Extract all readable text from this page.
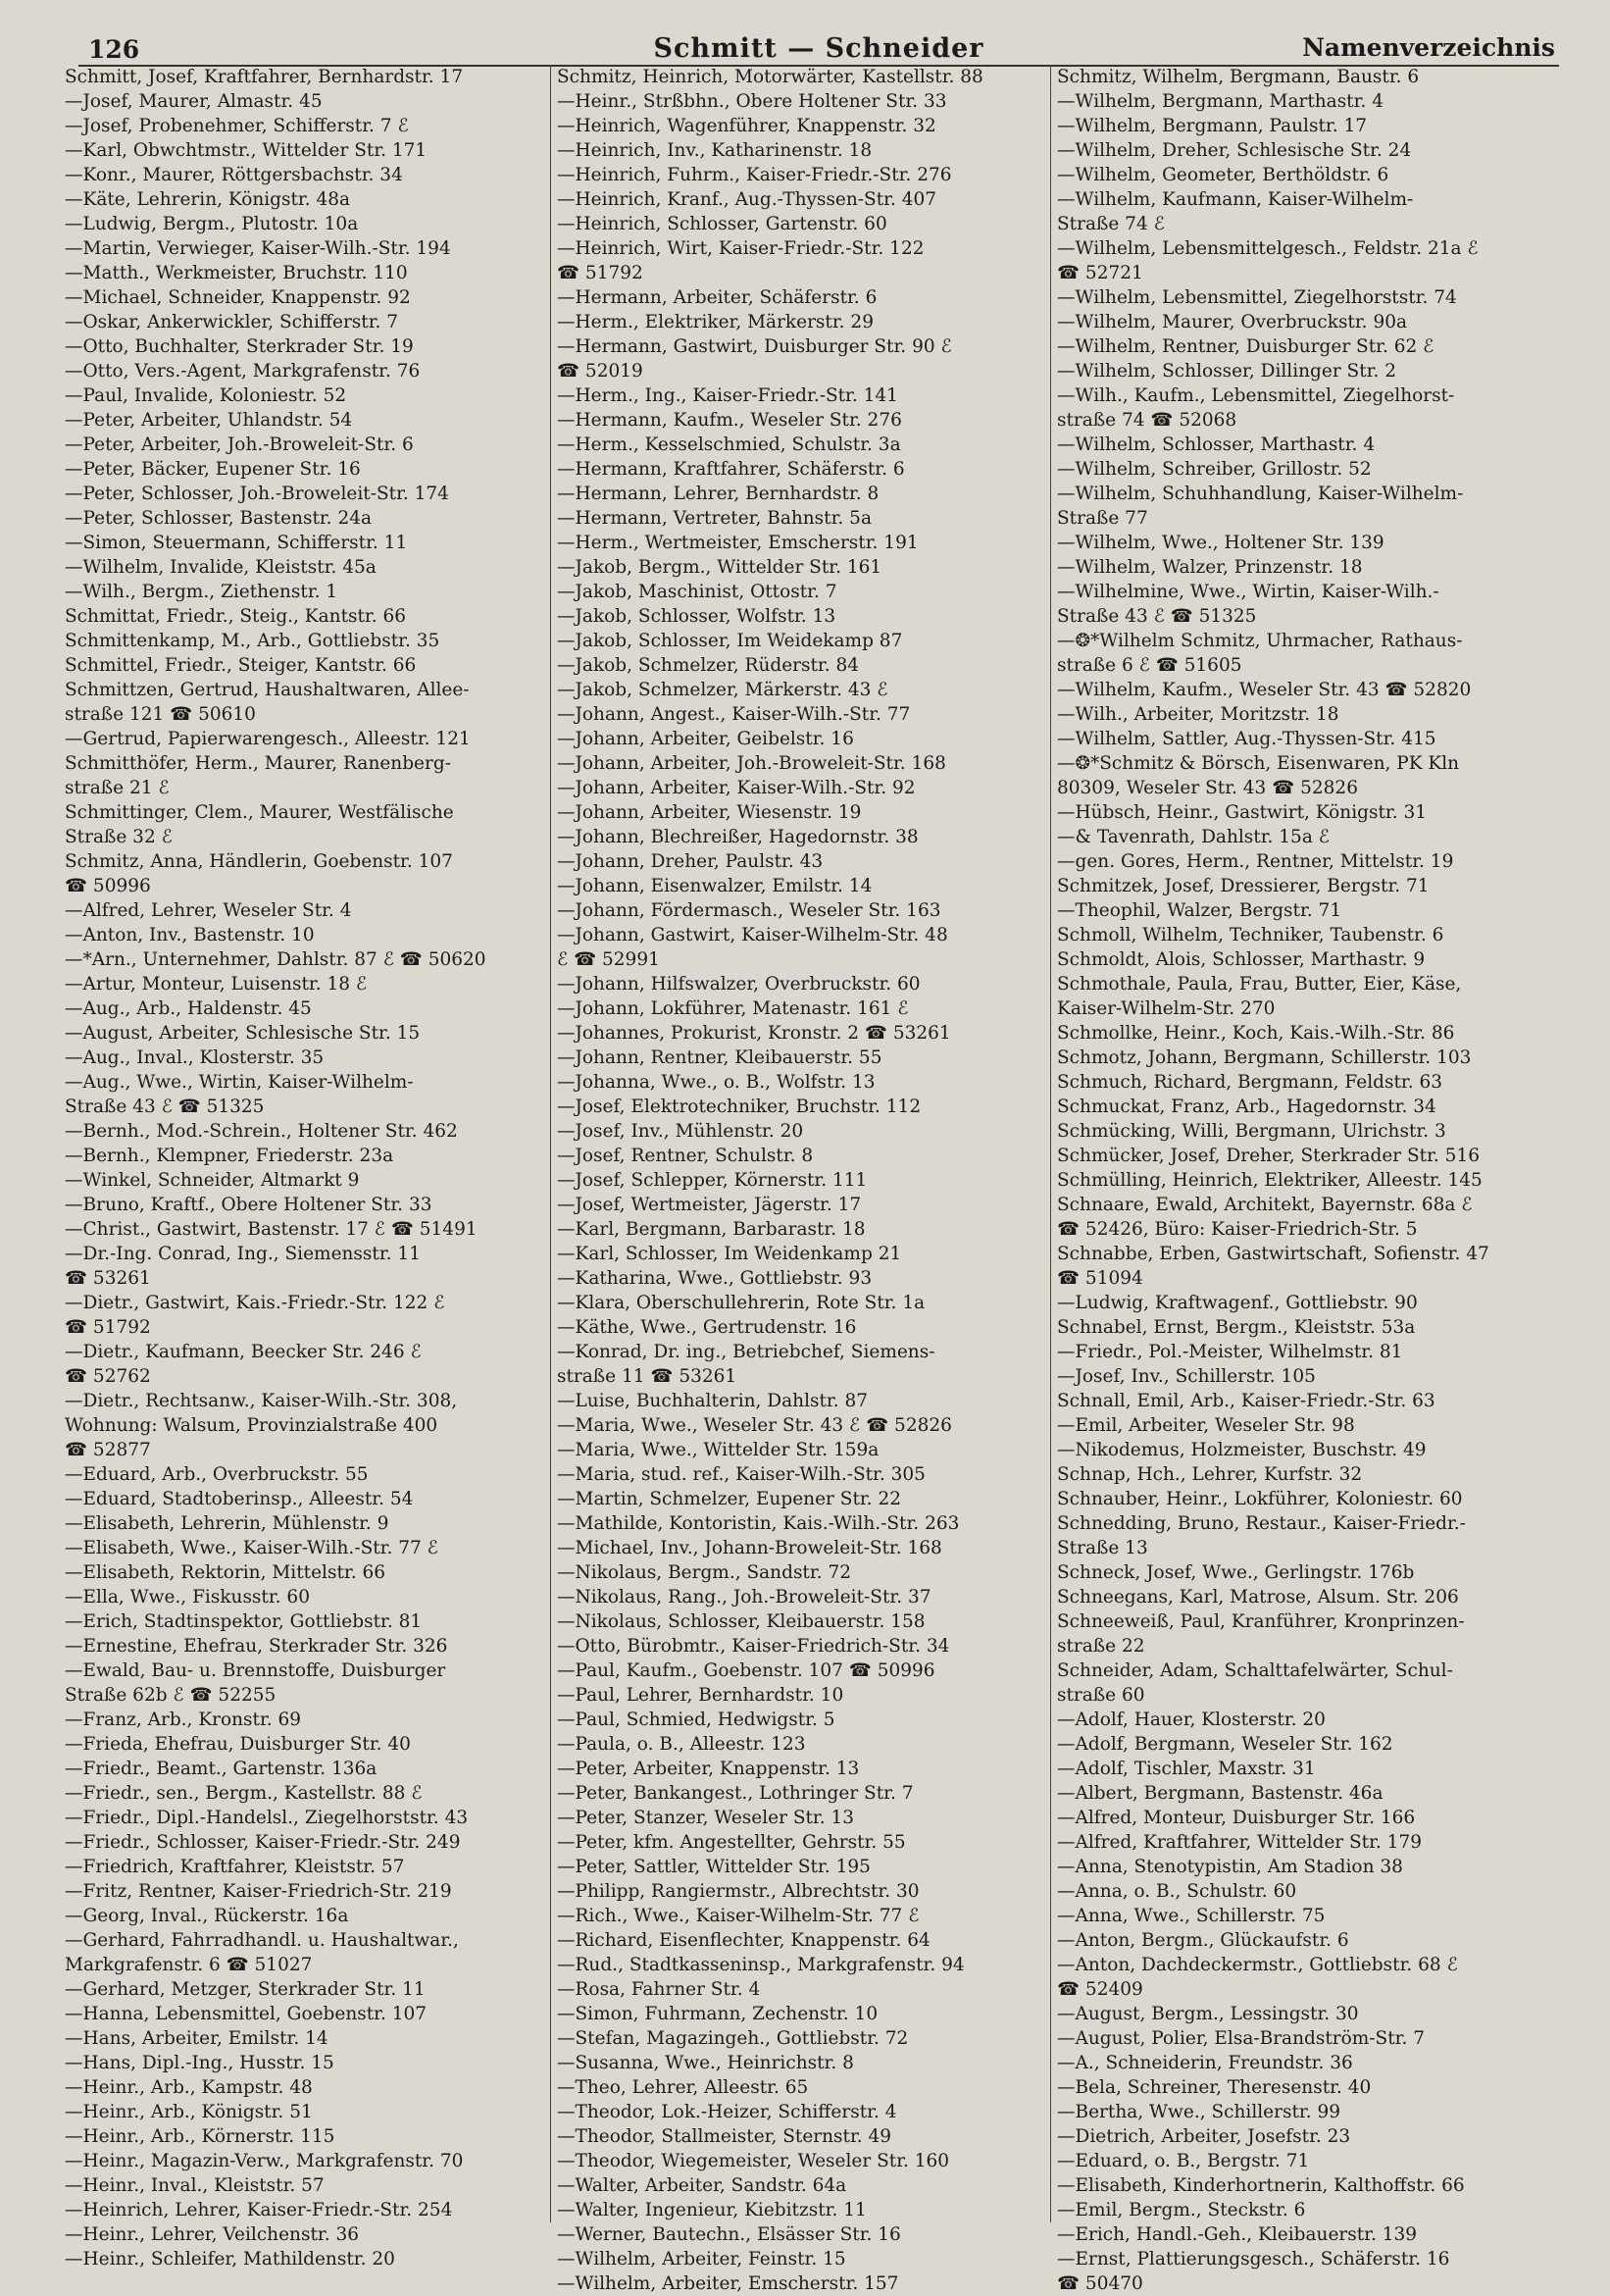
126	Schmitt — Schneider	Namenverzeichnis
Schmitt, Josef, Kraftfahrer, Bernhardstr. 17
—Josef, Maurer, Almastr. 45
—Josef, Probenehmer, Schifferstr. 7 ℰ
—Karl, Obwchtmstr., Wittelder Str. 171
—Konr., Maurer, Röttgersbachstr. 34
—Käte, Lehrerin, Königstr. 48a
—Ludwig, Bergm., Plutostr. 10a
—Martin, Verwieger, Kaiser-Wilh.-Str. 194
—Matth., Werkmeister, Bruchstr. 110
—Michael, Schneider, Knappenstr. 92
—Oskar, Ankerwickler, Schifferstr. 7
—Otto, Buchhalter, Sterkrader Str. 19
—Otto, Vers.-Agent, Markgrafenstr. 76
—Paul, Invalide, Koloniestr. 52
—Peter, Arbeiter, Uhlandstr. 54
—Peter, Arbeiter, Joh.-Broweleit-Str. 6
—Peter, Bäcker, Eupener Str. 16
—Peter, Schlosser, Joh.-Broweleit-Str. 174
—Peter, Schlosser, Bastenstr. 24a
—Simon, Steuermann, Schifferstr. 11
—Wilhelm, Invalide, Kleiststr. 45a
—Wilh., Bergm., Ziethenstr. 1
Schmittat, Friedr., Steig., Kantstr. 66
Schmittenkamp, M., Arb., Gottliebstr. 35
Schmittel, Friedr., Steiger, Kantstr. 66
Schmittzen, Gertrud, Haushaltwaren, Allee-
straße 121 ☎ 50610
—Gertrud, Papierwarengesch., Alleestr. 121
Schmitthöfer, Herm., Maurer, Ranenberg-
straße 21 ℰ
Schmittinger, Clem., Maurer, Westfälische
Straße 32 ℰ
Schmitz, Anna, Händlerin, Goebenstr. 107
☎ 50996
—Alfred, Lehrer, Weseler Str. 4
—Anton, Inv., Bastenstr. 10
—*Arn., Unternehmer, Dahlstr. 87 ℰ ☎ 50620
—Artur, Monteur, Luisenstr. 18 ℰ
—Aug., Arb., Haldenstr. 45
—August, Arbeiter, Schlesische Str. 15
—Aug., Inval., Klosterstr. 35
—Aug., Wwe., Wirtin, Kaiser-Wilhelm-
Straße 43 ℰ ☎ 51325
—Bernh., Mod.-Schrein., Holtener Str. 462
—Bernh., Klempner, Friederstr. 23a
—Winkel, Schneider, Altmarkt 9
—Bruno, Kraftf., Obere Holtener Str. 33
—Christ., Gastwirt, Bastenstr. 17 ℰ ☎ 51491
—Dr.-Ing. Conrad, Ing., Siemensstr. 11
☎ 53261
—Dietr., Gastwirt, Kais.-Friedr.-Str. 122 ℰ
☎ 51792
—Dietr., Kaufmann, Beecker Str. 246 ℰ
☎ 52762
—Dietr., Rechtsanw., Kaiser-Wilh.-Str. 308,
Wohnung: Walsum, Provinzialstraße 400
☎ 52877
—Eduard, Arb., Overbruckstr. 55
—Eduard, Stadtoberinsp., Alleestr. 54
—Elisabeth, Lehrerin, Mühlenstr. 9
—Elisabeth, Wwe., Kaiser-Wilh.-Str. 77 ℰ
—Elisabeth, Rektorin, Mittelstr. 66
—Ella, Wwe., Fiskusstr. 60
—Erich, Stadtinspektor, Gottliebstr. 81
—Ernestine, Ehefrau, Sterkrader Str. 326
—Ewald, Bau- u. Brennstoffe, Duisburger
Straße 62b ℰ ☎ 52255
—Franz, Arb., Kronstr. 69
—Frieda, Ehefrau, Duisburger Str. 40
—Friedr., Beamt., Gartenstr. 136a
—Friedr., sen., Bergm., Kastellstr. 88 ℰ
—Friedr., Dipl.-Handelsl., Ziegelhorststr. 43
—Friedr., Schlosser, Kaiser-Friedr.-Str. 249
—Friedrich, Kraftfahrer, Kleiststr. 57
—Fritz, Rentner, Kaiser-Friedrich-Str. 219
—Georg, Inval., Rückerstr. 16a
—Gerhard, Fahrradhandl. u. Haushaltwar.,
Markgrafenstr. 6 ☎ 51027
—Gerhard, Metzger, Sterkrader Str. 11
—Hanna, Lebensmittel, Goebenstr. 107
—Hans, Arbeiter, Emilstr. 14
—Hans, Dipl.-Ing., Husstr. 15
—Heinr., Arb., Kampstr. 48
—Heinr., Arb., Königstr. 51
—Heinr., Arb., Körnerstr. 115
—Heinr., Magazin-Verw., Markgrafenstr. 70
—Heinr., Inval., Kleiststr. 57
—Heinrich, Lehrer, Kaiser-Friedr.-Str. 254
—Heinr., Lehrer, Veilchenstr. 36
—Heinr., Schleifer, Mathildenstr. 20
Schmitz, Heinrich, Motorwärter, Kastellstr. 88
—Heinr., Strßbhn., Obere Holtener Str. 33
—Heinrich, Wagenführer, Knappenstr. 32
—Heinrich, Inv., Katharinenstr. 18
—Heinrich, Fuhrm., Kaiser-Friedr.-Str. 276
—Heinrich, Kranf., Aug.-Thyssen-Str. 407
—Heinrich, Schlosser, Gartenstr. 60
—Heinrich, Wirt, Kaiser-Friedr.-Str. 122
☎ 51792
—Hermann, Arbeiter, Schäferstr. 6
—Herm., Elektriker, Märkerstr. 29
—Hermann, Gastwirt, Duisburger Str. 90 ℰ
☎ 52019
—Herm., Ing., Kaiser-Friedr.-Str. 141
—Hermann, Kaufm., Weseler Str. 276
—Herm., Kesselschmied, Schulstr. 3a
—Hermann, Kraftfahrer, Schäferstr. 6
—Hermann, Lehrer, Bernhardstr. 8
—Hermann, Vertreter, Bahnstr. 5a
—Herm., Wertmeister, Emscherstr. 191
—Jakob, Bergm., Wittelder Str. 161
—Jakob, Maschinist, Ottostr. 7
—Jakob, Schlosser, Wolfstr. 13
—Jakob, Schlosser, Im Weidekamp 87
—Jakob, Schmelzer, Rüderstr. 84
—Jakob, Schmelzer, Märkerstr. 43 ℰ
—Johann, Angest., Kaiser-Wilh.-Str. 77
—Johann, Arbeiter, Geibelstr. 16
—Johann, Arbeiter, Joh.-Broweleit-Str. 168
—Johann, Arbeiter, Kaiser-Wilh.-Str. 92
—Johann, Arbeiter, Wiesenstr. 19
—Johann, Blechreißer, Hagedornstr. 38
—Johann, Dreher, Paulstr. 43
—Johann, Eisenwalzer, Emilstr. 14
—Johann, Fördermasch., Weseler Str. 163
—Johann, Gastwirt, Kaiser-Wilhelm-Str. 48
ℰ ☎ 52991
—Johann, Hilfswalzer, Overbruckstr. 60
—Johann, Lokführer, Matenastr. 161 ℰ
—Johannes, Prokurist, Kronstr. 2 ☎ 53261
—Johann, Rentner, Kleibauerstr. 55
—Johanna, Wwe., o. B., Wolfstr. 13
—Josef, Elektrotechniker, Bruchstr. 112
—Josef, Inv., Mühlenstr. 20
—Josef, Rentner, Schulstr. 8
—Josef, Schlepper, Körnerstr. 111
—Josef, Wertmeister, Jägerstr. 17
—Karl, Bergmann, Barbarastr. 18
—Karl, Schlosser, Im Weidenkamp 21
—Katharina, Wwe., Gottliebstr. 93
—Klara, Oberschullehrerin, Rote Str. 1a
—Käthe, Wwe., Gertrudenstr. 16
—Konrad, Dr. ing., Betriebchef, Siemens-
straße 11 ☎ 53261
—Luise, Buchhalterin, Dahlstr. 87
—Maria, Wwe., Weseler Str. 43 ℰ ☎ 52826
—Maria, Wwe., Wittelder Str. 159a
—Maria, stud. ref., Kaiser-Wilh.-Str. 305
—Martin, Schmelzer, Eupener Str. 22
—Mathilde, Kontoristin, Kais.-Wilh.-Str. 263
—Michael, Inv., Johann-Broweleit-Str. 168
—Nikolaus, Bergm., Sandstr. 72
—Nikolaus, Rang., Joh.-Broweleit-Str. 37
—Nikolaus, Schlosser, Kleibauerstr. 158
—Otto, Bürobmtr., Kaiser-Friedrich-Str. 34
—Paul, Kaufm., Goebenstr. 107 ☎ 50996
—Paul, Lehrer, Bernhardstr. 10
—Paul, Schmied, Hedwigstr. 5
—Paula, o. B., Alleestr. 123
—Peter, Arbeiter, Knappenstr. 13
—Peter, Bankangest., Lothringer Str. 7
—Peter, Stanzer, Weseler Str. 13
—Peter, kfm. Angestellter, Gehrstr. 55
—Peter, Sattler, Wittelder Str. 195
—Philipp, Rangiermstr., Albrechtstr. 30
—Rich., Wwe., Kaiser-Wilhelm-Str. 77 ℰ
—Richard, Eisenflechter, Knappenstr. 64
—Rud., Stadtkasseninsp., Markgrafenstr. 94
—Rosa, Fahrner Str. 4
—Simon, Fuhrmann, Zechenstr. 10
—Stefan, Magazingeh., Gottliebstr. 72
—Susanna, Wwe., Heinrichstr. 8
—Theo, Lehrer, Alleestr. 65
—Theodor, Lok.-Heizer, Schifferstr. 4
—Theodor, Stallmeister, Sternstr. 49
—Theodor, Wiegemeister, Weseler Str. 160
—Walter, Arbeiter, Sandstr. 64a
—Walter, Ingenieur, Kiebitzstr. 11
—Werner, Bautechn., Elsässer Str. 16
—Wilhelm, Arbeiter, Feinstr. 15
—Wilhelm, Arbeiter, Emscherstr. 157
Schmitz, Wilhelm, Bergmann, Baustr. 6
—Wilhelm, Bergmann, Marthastr. 4
—Wilhelm, Bergmann, Paulstr. 17
—Wilhelm, Dreher, Schlesische Str. 24
—Wilhelm, Geometer, Berthöldstr. 6
—Wilhelm, Kaufmann, Kaiser-Wilhelm-
Straße 74 ℰ
—Wilhelm, Lebensmittelgesch., Feldstr. 21a ℰ
☎ 52721
—Wilhelm, Lebensmittel, Ziegelhorststr. 74
—Wilhelm, Maurer, Overbruckstr. 90a
—Wilhelm, Rentner, Duisburger Str. 62 ℰ
—Wilhelm, Schlosser, Dillinger Str. 2
—Wilh., Kaufm., Lebensmittel, Ziegelhorst-
straße 74 ☎ 52068
—Wilhelm, Schlosser, Marthastr. 4
—Wilhelm, Schreiber, Grillostr. 52
—Wilhelm, Schuhhandlung, Kaiser-Wilhelm-
Straße 77
—Wilhelm, Wwe., Holtener Str. 139
—Wilhelm, Walzer, Prinzenstr. 18
—Wilhelmine, Wwe., Wirtin, Kaiser-Wilh.-
Straße 43 ℰ ☎ 51325
—❂*Wilhelm Schmitz, Uhrmacher, Rathaus-
straße 6 ℰ ☎ 51605
—Wilhelm, Kaufm., Weseler Str. 43 ☎ 52820
—Wilh., Arbeiter, Moritzstr. 18
—Wilhelm, Sattler, Aug.-Thyssen-Str. 415
—❂*Schmitz & Börsch, Eisenwaren, PK Kln
80309, Weseler Str. 43 ☎ 52826
—Hübsch, Heinr., Gastwirt, Königstr. 31
—& Tavenrath, Dahlstr. 15a ℰ
—gen. Gores, Herm., Rentner, Mittelstr. 19
Schmitzek, Josef, Dressierer, Bergstr. 71
—Theophil, Walzer, Bergstr. 71
Schmoll, Wilhelm, Techniker, Taubenstr. 6
Schmoldt, Alois, Schlosser, Marthastr. 9
Schmothale, Paula, Frau, Butter, Eier, Käse,
Kaiser-Wilhelm-Str. 270
Schmollke, Heinr., Koch, Kais.-Wilh.-Str. 86
Schmotz, Johann, Bergmann, Schillerstr. 103
Schmuch, Richard, Bergmann, Feldstr. 63
Schmuckat, Franz, Arb., Hagedornstr. 34
Schmücking, Willi, Bergmann, Ulrichstr. 3
Schmücker, Josef, Dreher, Sterkrader Str. 516
Schmülling, Heinrich, Elektriker, Alleestr. 145
Schnaare, Ewald, Architekt, Bayernstr. 68a ℰ
☎ 52426, Büro: Kaiser-Friedrich-Str. 5
Schnabbe, Erben, Gastwirtschaft, Sofienstr. 47
☎ 51094
—Ludwig, Kraftwagenf., Gottliebstr. 90
Schnabel, Ernst, Bergm., Kleiststr. 53a
—Friedr., Pol.-Meister, Wilhelmstr. 81
—Josef, Inv., Schillerstr. 105
Schnall, Emil, Arb., Kaiser-Friedr.-Str. 63
—Emil, Arbeiter, Weseler Str. 98
—Nikodemus, Holzmeister, Buschstr. 49
Schnap, Hch., Lehrer, Kurfstr. 32
Schnauber, Heinr., Lokführer, Koloniestr. 60
Schnedding, Bruno, Restaur., Kaiser-Friedr.-
Straße 13
Schneck, Josef, Wwe., Gerlingstr. 176b
Schneegans, Karl, Matrose, Alsum. Str. 206
Schneeweiß, Paul, Kranführer, Kronprinzen-
straße 22
Schneider, Adam, Schalttafelwärter, Schul-
straße 60
—Adolf, Hauer, Klosterstr. 20
—Adolf, Bergmann, Weseler Str. 162
—Adolf, Tischler, Maxstr. 31
—Albert, Bergmann, Bastenstr. 46a
—Alfred, Monteur, Duisburger Str. 166
—Alfred, Kraftfahrer, Wittelder Str. 179
—Anna, Stenotypistin, Am Stadion 38
—Anna, o. B., Schulstr. 60
—Anna, Wwe., Schillerstr. 75
—Anton, Bergm., Glückaufstr. 6
—Anton, Dachdeckermstr., Gottliebstr. 68 ℰ
☎ 52409
—August, Bergm., Lessingstr. 30
—August, Polier, Elsa-Brandström-Str. 7
—A., Schneiderin, Freundstr. 36
—Bela, Schreiner, Theresenstr. 40
—Bertha, Wwe., Schillerstr. 99
—Dietrich, Arbeiter, Josefstr. 23
—Eduard, o. B., Bergstr. 71
—Elisabeth, Kinderhortnerin, Kalthoffstr. 66
—Emil, Bergm., Steckstr. 6
—Erich, Handl.-Geh., Kleibauerstr. 139
—Ernst, Plattierungsgesch., Schäferstr. 16
☎ 50470
